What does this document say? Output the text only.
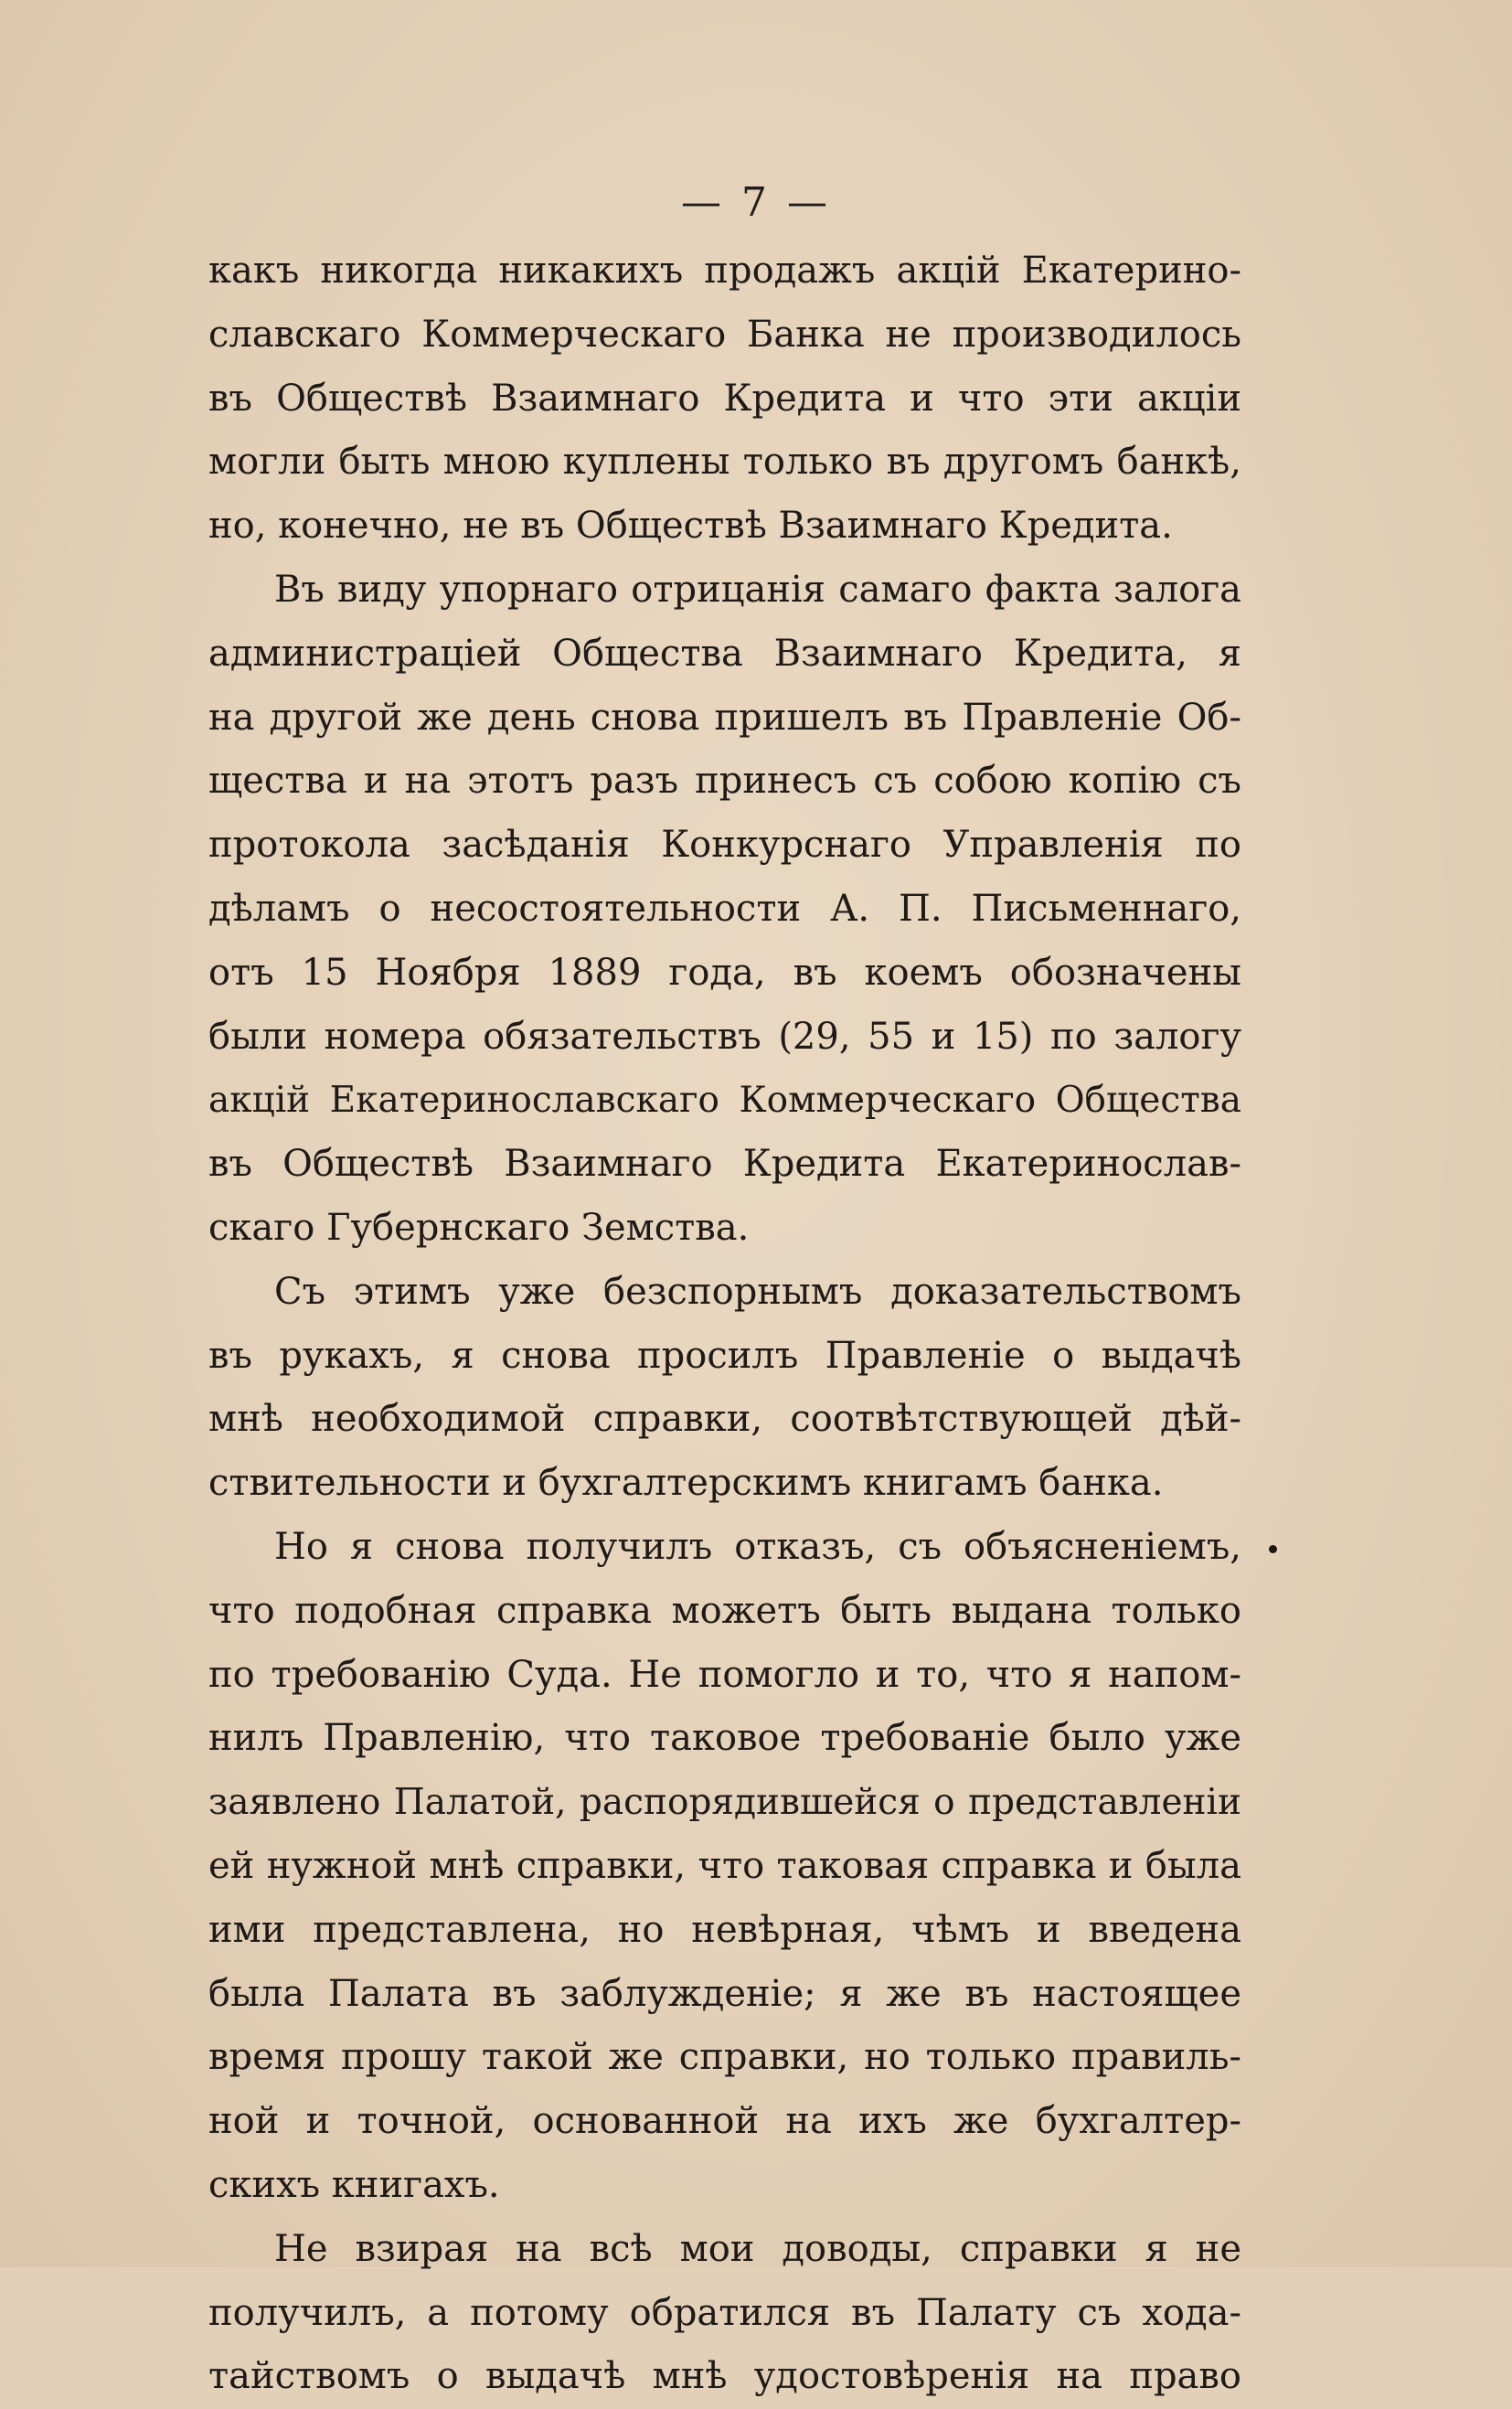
— 7 —
какъ никогда никакихъ продажъ акцій Екатерино-
славскаго Коммерческаго Банка не производилось
въ Обществѣ Взаимнаго Кредита и что эти акціи
могли быть мною куплены только въ другомъ банкѣ,
но, конечно, не въ Обществѣ Взаимнаго Кредита.
Въ виду упорнаго отрицанія самаго факта залога
администраціей Общества Взаимнаго Кредита, я
на другой же день снова пришелъ въ Правленіе Об-
щества и на этотъ разъ принесъ съ собою копію съ
протокола засѣданія Конкурснаго Управленія по
дѣламъ о несостоятельности А. П. Письменнаго,
отъ 15 Ноября 1889 года, въ коемъ обозначены
были номера обязательствъ (29, 55 и 15) по залогу
акцій Екатеринославскаго Коммерческаго Общества
въ Обществѣ Взаимнаго Кредита Екатеринослав-
скаго Губернскаго Земства.
Съ этимъ уже безспорнымъ доказательствомъ
въ рукахъ, я снова просилъ Правленіе о выдачѣ
мнѣ необходимой справки, соотвѣтствующей дѣй-
ствительности и бухгалтерскимъ книгамъ банка.
Но я снова получилъ отказъ, съ объясненіемъ,
что подобная справка можетъ быть выдана только
по требованію Суда. Не помогло и то, что я напом-
нилъ Правленію, что таковое требованіе было уже
заявлено Палатой, распорядившейся о представленіи
ей нужной мнѣ справки, что таковая справка и была
ими представлена, но невѣрная, чѣмъ и введена
была Палата въ заблужденіе; я же въ настоящее
время прошу такой же справки, но только правиль-
ной и точной, основанной на ихъ же бухгалтер-
скихъ книгахъ.
Не взирая на всѣ мои доводы, справки я не
получилъ, а потому обратился въ Палату съ хода-
тайствомъ о выдачѣ мнѣ удостовѣренія на право
